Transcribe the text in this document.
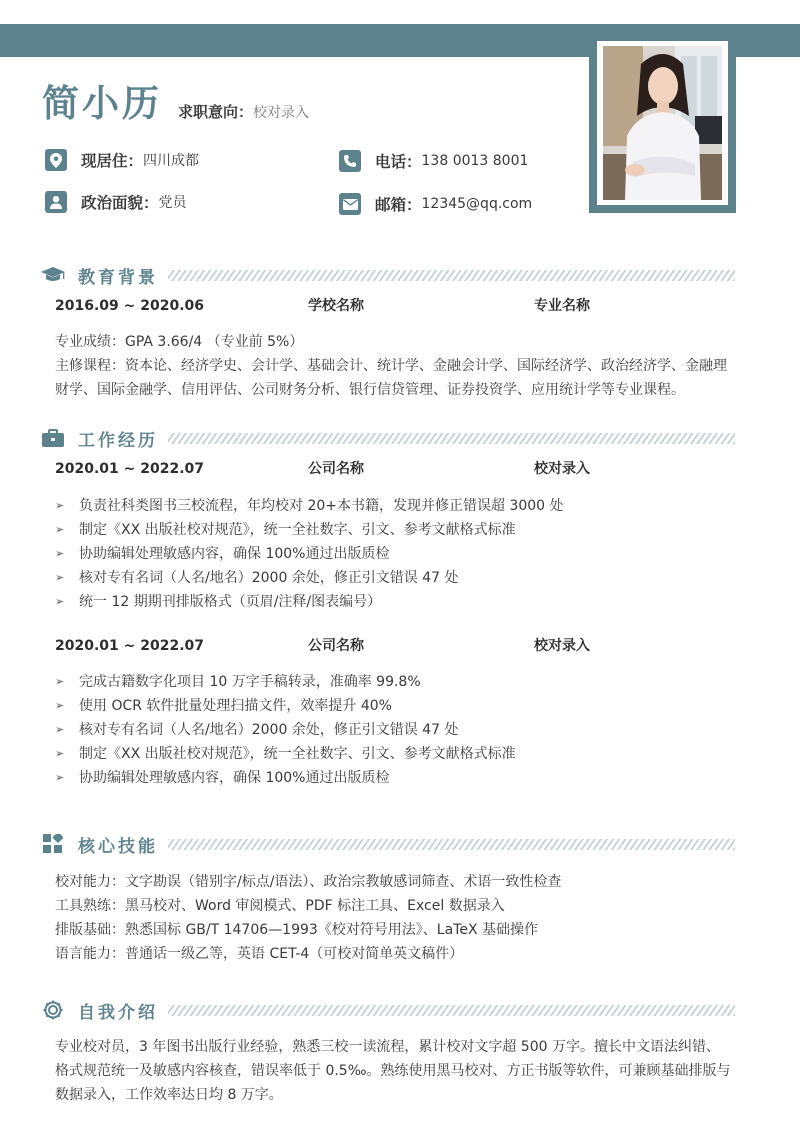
简小历 求职意向：校对录入
现居住： 四川成都	电话： 138 0013 8001
政治面貌： 党员	邮箱： 12345@qq.com
教育背景
2016.09 ~ 2020.06	学校名称	专业名称
专业成绩：GPA 3.66/4 （专业前 5%）
主修课程：资本论、经济学史、会计学、基础会计、统计学、金融会计学、国际经济学、政治经济学、金融理
财学、国际金融学、信用评估、公司财务分析、银行信贷管理、证券投资学、应用统计学等专业课程。
工作经历
2020.01 ~ 2022.07	公司名称	校对录入
➢ 负责社科类图书三校流程，年均校对 20+本书籍，发现并修正错误超 3000 处
➢ 制定《XX 出版社校对规范》，统一全社数字、引文、参考文献格式标准
➢ 协助编辑处理敏感内容，确保 100%通过出版质检
➢ 核对专有名词（人名/地名）2000 余处，修正引文错误 47 处
➢ 统一 12 期期刊排版格式（页眉/注释/图表编号）
2020.01 ~ 2022.07	公司名称	校对录入
➢ 完成古籍数字化项目 10 万字手稿转录，准确率 99.8%
➢ 使用 OCR 软件批量处理扫描文件，效率提升 40%
➢ 核对专有名词（人名/地名）2000 余处，修正引文错误 47 处
➢ 制定《XX 出版社校对规范》，统一全社数字、引文、参考文献格式标准
➢ 协助编辑处理敏感内容，确保 100%通过出版质检
核心技能
校对能力：文字勘误（错别字/标点/语法）、政治宗教敏感词筛查、术语一致性检查
工具熟练：黑马校对、Word 审阅模式、PDF 标注工具、Excel 数据录入
排版基础：熟悉国标 GB/T 14706—1993《校对符号用法》、LaTeX 基础操作
语言能力：普通话一级乙等，英语 CET-4（可校对简单英文稿件）
自我介绍
专业校对员，3 年图书出版行业经验，熟悉三校一读流程，累计校对文字超 500 万字。擅长中文语法纠错、
格式规范统一及敏感内容核查，错误率低于 0.5‰。熟练使用黑马校对、方正书版等软件，可兼顾基础排版与
数据录入，工作效率达日均 8 万字。
